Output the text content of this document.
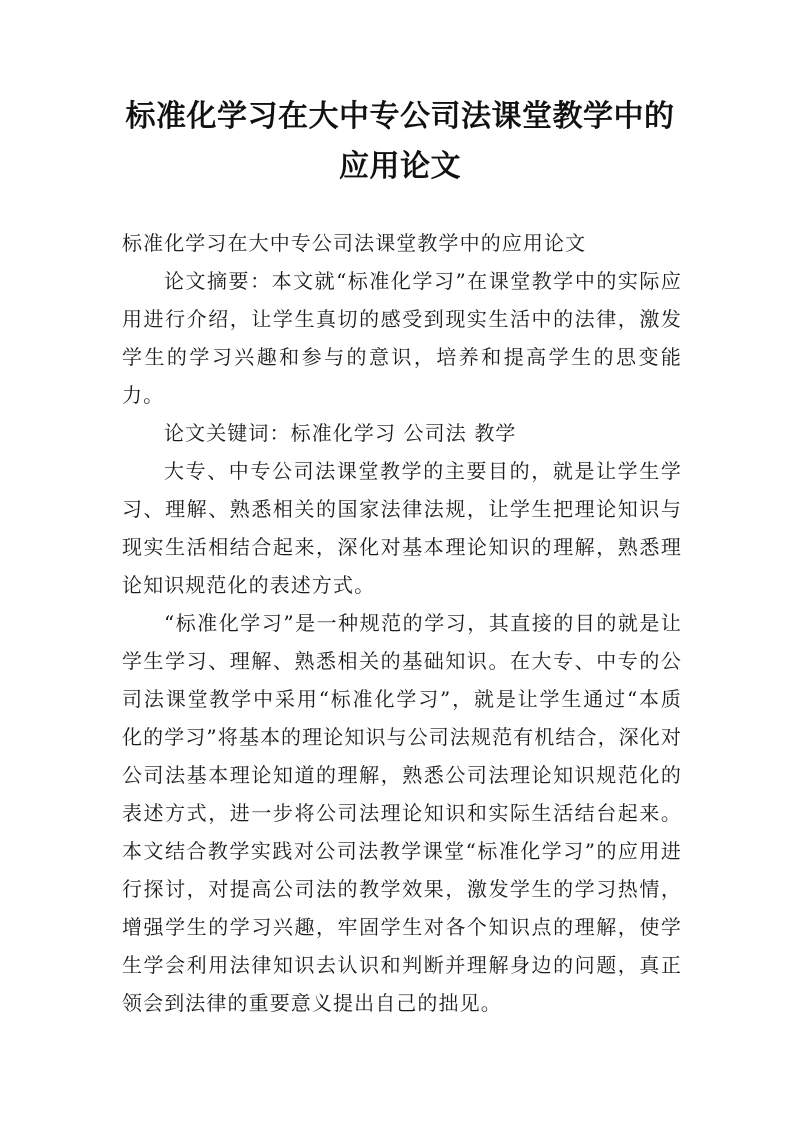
标准化学习在大中专公司法课堂教学中的
应用论文

标准化学习在大中专公司法课堂教学中的应用论文

论文摘要：本文就“标准化学习”在课堂教学中的实际应用进行介绍，让学生真切的感受到现实生活中的法律，激发学生的学习兴趣和参与的意识，培养和提高学生的思变能力。

论文关键词：标准化学习 公司法 教学

大专、中专公司法课堂教学的主要目的，就是让学生学习、理解、熟悉相关的国家法律法规，让学生把理论知识与现实生活相结合起来，深化对基本理论知识的理解，熟悉理论知识规范化的表述方式。

“标准化学习”是一种规范的学习，其直接的目的就是让学生学习、理解、熟悉相关的基础知识。在大专、中专的公司法课堂教学中采用“标准化学习”，就是让学生通过“本质化的学习”将基本的理论知识与公司法规范有机结合，深化对公司法基本理论知道的理解，熟悉公司法理论知识规范化的表述方式，进一步将公司法理论知识和实际生活结台起来。本文结合教学实践对公司法教学课堂“标准化学习”的应用进行探讨，对提高公司法的教学效果，激发学生的学习热情，增强学生的学习兴趣，牢固学生对各个知识点的理解，使学生学会利用法律知识去认识和判断并理解身边的问题，真正领会到法律的重要意义提出自己的拙见。
